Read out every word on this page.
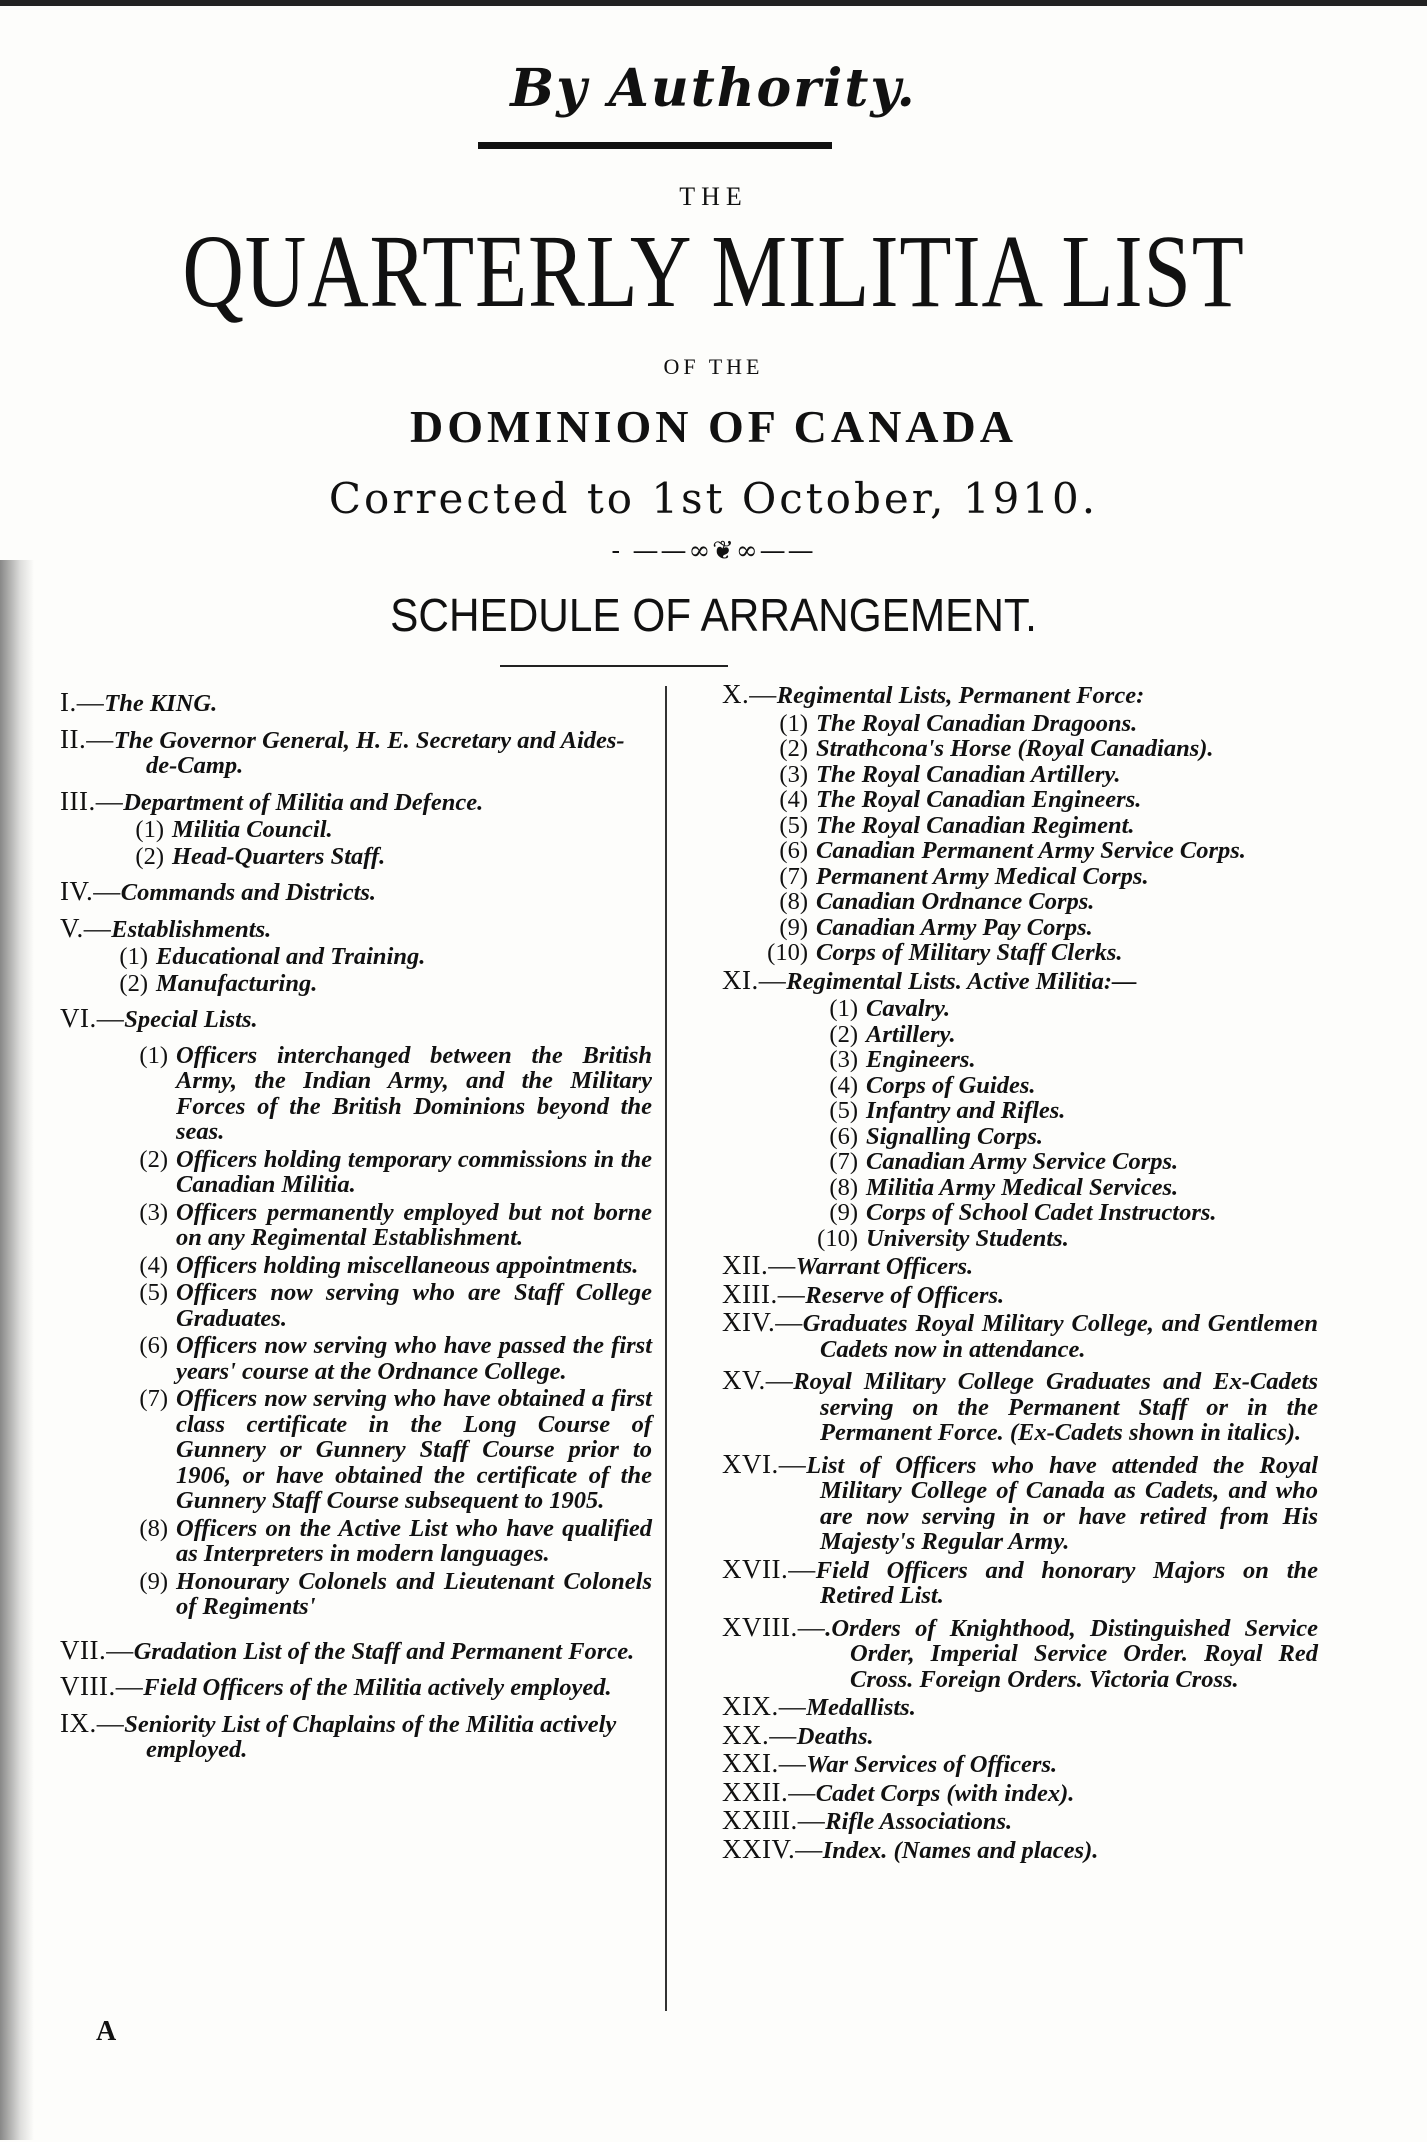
By Authority.
THE
QUARTERLY MILITIA LIST
OF THE
DOMINION OF CANADA
Corrected to 1st October, 1910.
- ——∞❦∞——
SCHEDULE OF ARRANGEMENT.
I.—The KING.
II.—The Governor General, H. E. Secretary and Aides-de-Camp.
III.—Department of Militia and Defence.
(1) Militia Council.
(2) Head-Quarters Staff.
IV.—Commands and Districts.
V.—Establishments.
(1) Educational and Training.
(2) Manufacturing.
VI.—Special Lists.
(1) Officers interchanged between the British Army, the Indian Army, and the Military Forces of the British Dominions beyond the seas.
(2) Officers holding temporary commissions in the Canadian Militia.
(3) Officers permanently employed but not borne on any Regimental Establishment.
(4) Officers holding miscellaneous appointments.
(5) Officers now serving who are Staff College Graduates.
(6) Officers now serving who have passed the first years' course at the Ordnance College.
(7) Officers now serving who have obtained a first class certificate in the Long Course of Gunnery or Gunnery Staff Course prior to 1906, or have obtained the certificate of the Gunnery Staff Course subsequent to 1905.
(8) Officers on the Active List who have qualified as Interpreters in modern languages.
(9) Honourary Colonels and Lieutenant Colonels of Regiments'
VII.—Gradation List of the Staff and Permanent Force.
VIII.—Field Officers of the Militia actively employed.
IX.—Seniority List of Chaplains of the Militia actively employed.
X.—Regimental Lists, Permanent Force:
(1) The Royal Canadian Dragoons.
(2) Strathcona's Horse (Royal Canadians).
(3) The Royal Canadian Artillery.
(4) The Royal Canadian Engineers.
(5) The Royal Canadian Regiment.
(6) Canadian Permanent Army Service Corps.
(7) Permanent Army Medical Corps.
(8) Canadian Ordnance Corps.
(9) Canadian Army Pay Corps.
(10) Corps of Military Staff Clerks.
XI.—Regimental Lists. Active Militia:—
(1) Cavalry.
(2) Artillery.
(3) Engineers.
(4) Corps of Guides.
(5) Infantry and Rifles.
(6) Signalling Corps.
(7) Canadian Army Service Corps.
(8) Militia Army Medical Services.
(9) Corps of School Cadet Instructors.
(10) University Students.
XII.—Warrant Officers.
XIII.—Reserve of Officers.
XIV.—Graduates Royal Military College, and Gentlemen Cadets now in attendance.
XV.—Royal Military College Graduates and Ex-Cadets serving on the Permanent Staff or in the Permanent Force. (Ex-Cadets shown in italics).
XVI.—List of Officers who have attended the Royal Military College of Canada as Cadets, and who are now serving in or have retired from His Majesty's Regular Army.
XVII.—Field Officers and honorary Majors on the Retired List.
XVIII.—.Orders of Knighthood, Distinguished Service Order, Imperial Service Order. Royal Red Cross. Foreign Orders. Victoria Cross.
XIX.—Medallists.
XX.—Deaths.
XXI.—War Services of Officers.
XXII.—Cadet Corps (with index).
XXIII.—Rifle Associations.
XXIV.—Index. (Names and places).
A
